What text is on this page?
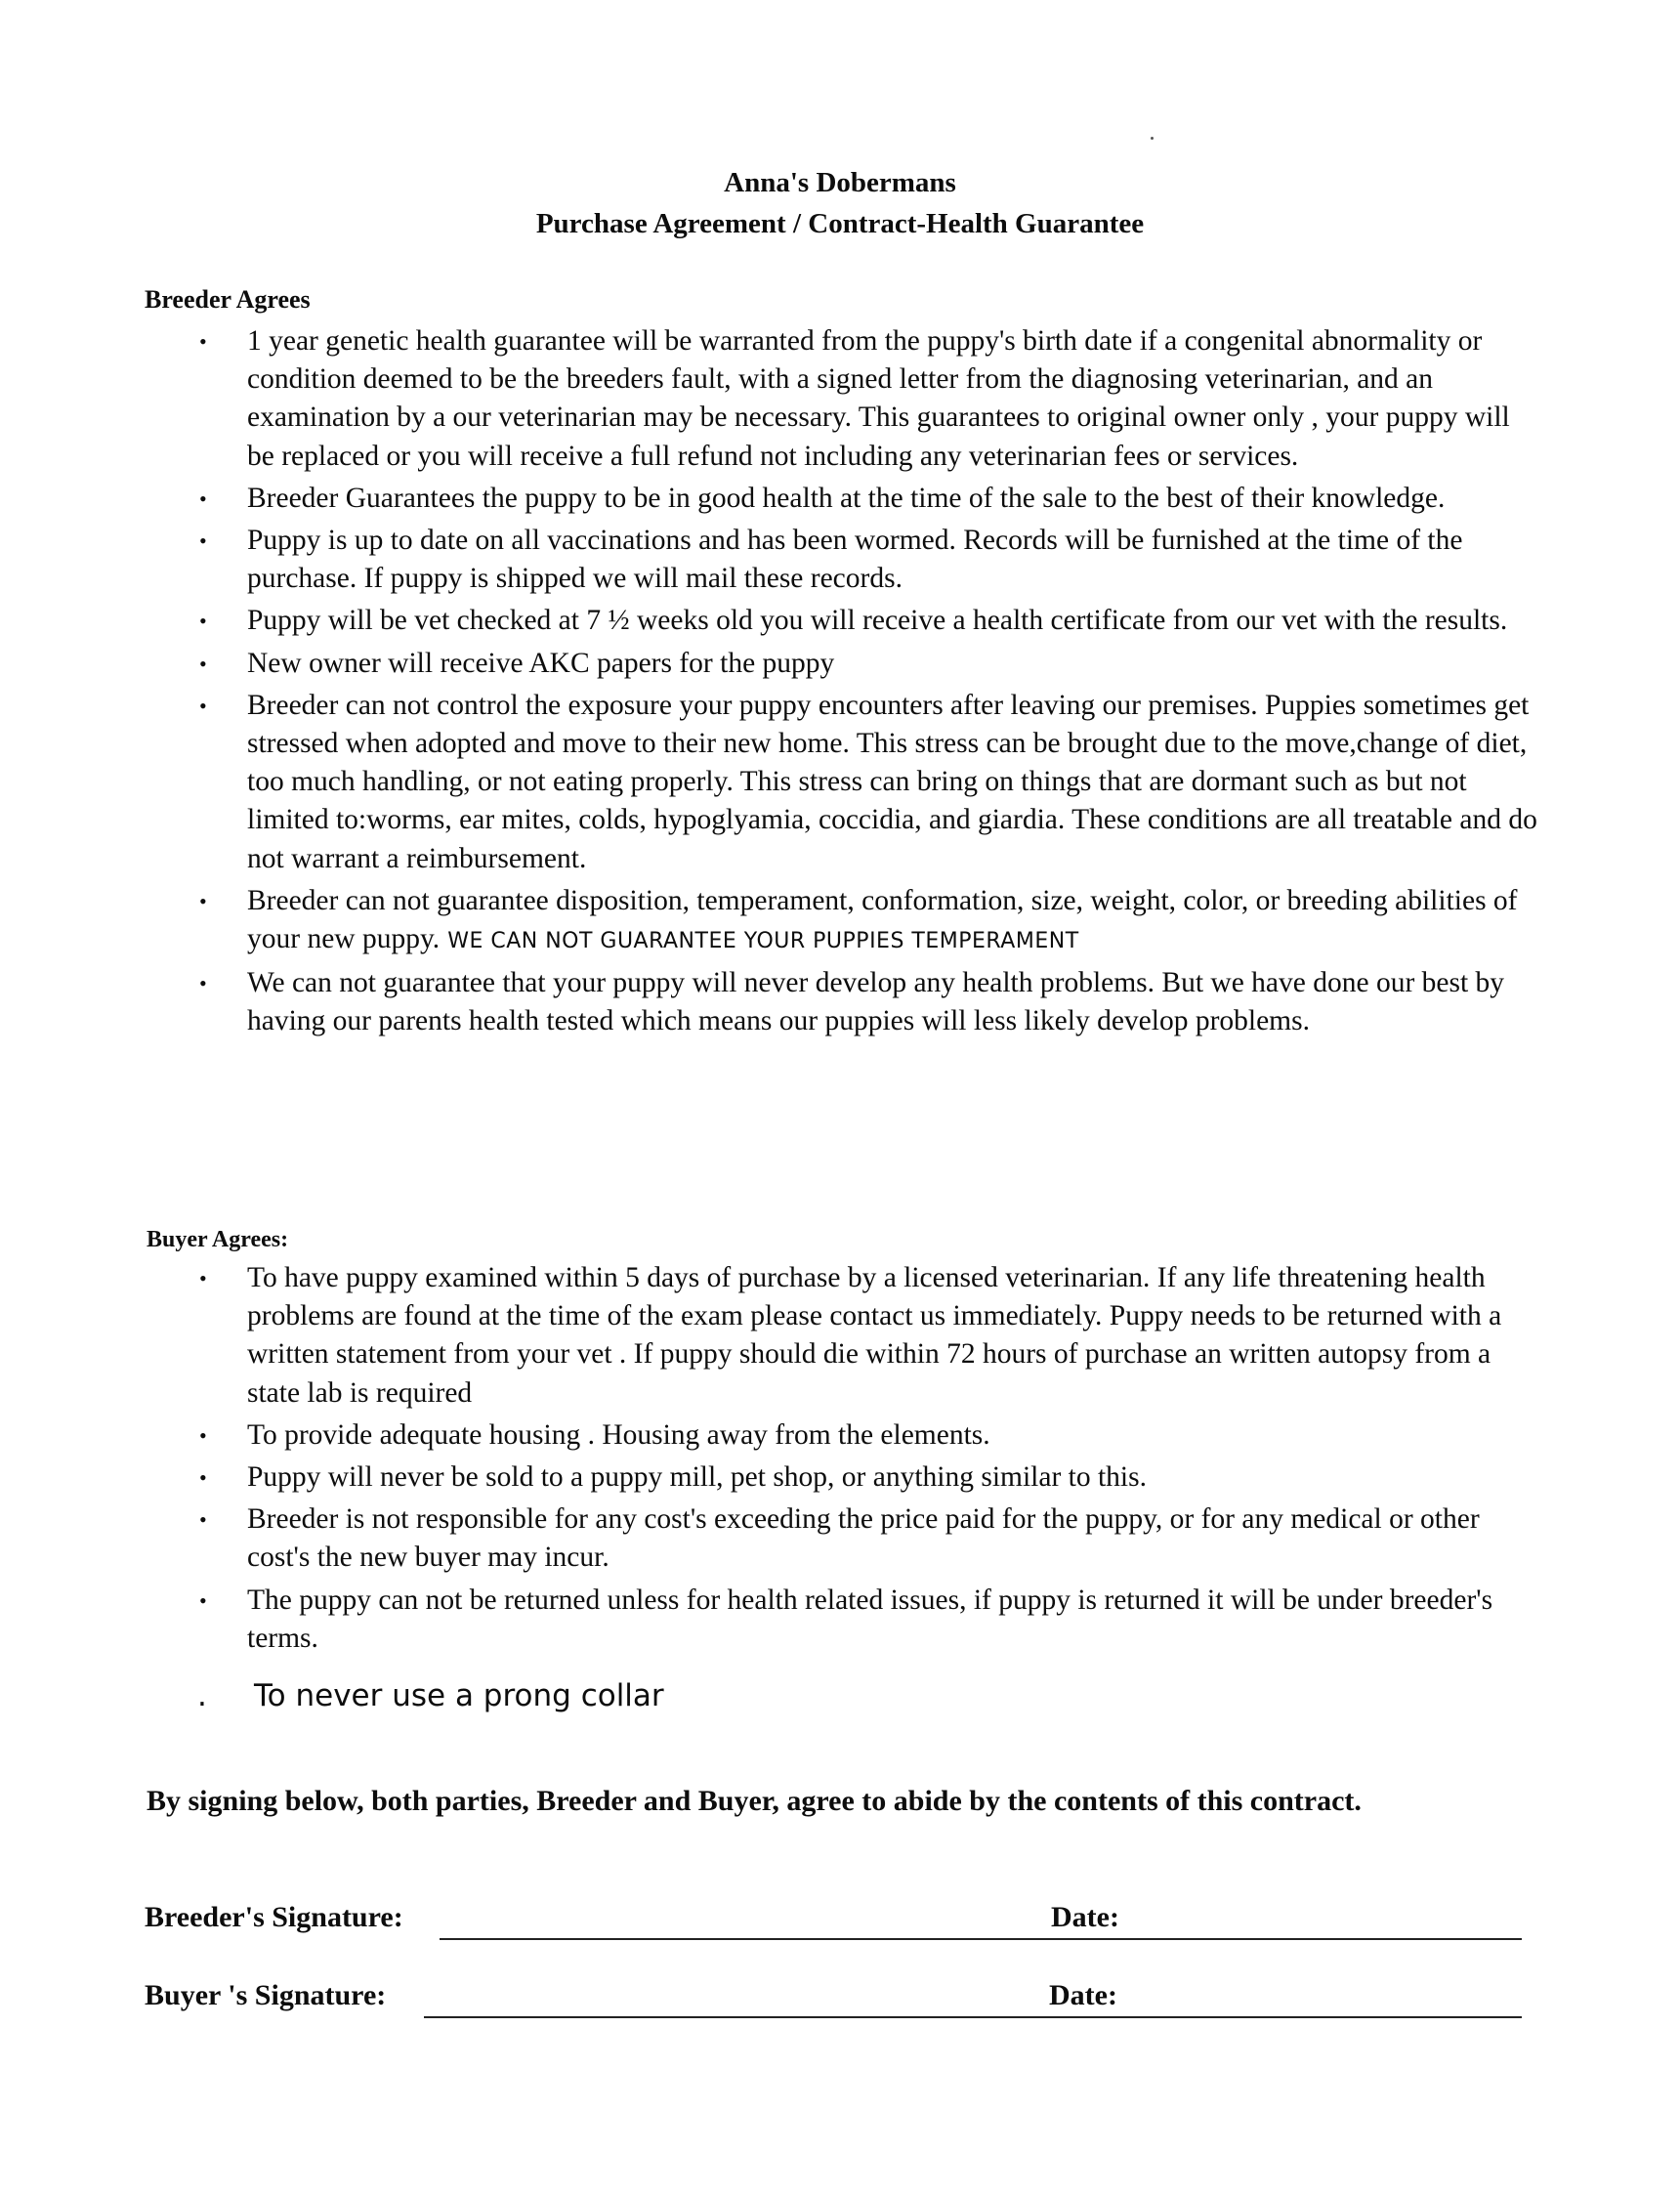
Anna's Dobermans
Purchase Agreement / Contract-Health Guarantee
Breeder Agrees
• 1 year genetic health guarantee will be warranted from the puppy's birth date if a congenital abnormality or condition deemed to be the breeders fault, with a signed letter from the diagnosing veterinarian, and an examination by a our veterinarian may be necessary. This guarantees to original owner only , your puppy will be replaced or you will receive a full refund not including any veterinarian fees or services.
• Breeder Guarantees the puppy to be in good health at the time of the sale to the best of their knowledge.
• Puppy is up to date on all vaccinations and has been wormed. Records will be furnished at the time of the purchase. If puppy is shipped we will mail these records.
• Puppy will be vet checked at 7 ½ weeks old you will receive a health certificate from our vet with the results.
• New owner will receive AKC papers for the puppy
• Breeder can not control the exposure your puppy encounters after leaving our premises. Puppies sometimes get stressed when adopted and move to their new home. This stress can be brought due to the move,change of diet, too much handling, or not eating properly. This stress can bring on things that are dormant such as but not limited to:worms, ear mites, colds, hypoglyamia, coccidia, and giardia. These conditions are all treatable and do not warrant a reimbursement.
• Breeder can not guarantee disposition, temperament, conformation, size, weight, color, or breeding abilities of your new puppy. WE CAN NOT GUARANTEE YOUR PUPPIES TEMPERAMENT
• We can not guarantee that your puppy will never develop any health problems. But we have done our best by having our parents health tested which means our puppies will less likely develop problems.
Buyer Agrees:
• To have puppy examined within 5 days of purchase by a licensed veterinarian. If any life threatening health problems are found at the time of the exam please contact us immediately. Puppy needs to be returned with a written statement from your vet . If puppy should die within 72 hours of purchase an written autopsy from a state lab is required
• To provide adequate housing . Housing away from the elements.
• Puppy will never be sold to a puppy mill, pet shop, or anything similar to this.
• Breeder is not responsible for any cost's exceeding the price paid for the puppy, or for any medical or other cost's the new buyer may incur.
• The puppy can not be returned unless for health related issues, if puppy is returned it will be under breeder's terms.
. To never use a prong collar
By signing below, both parties, Breeder and Buyer, agree to abide by the contents of this contract.
Breeder's Signature:	Date:
Buyer 's Signature:	Date:
